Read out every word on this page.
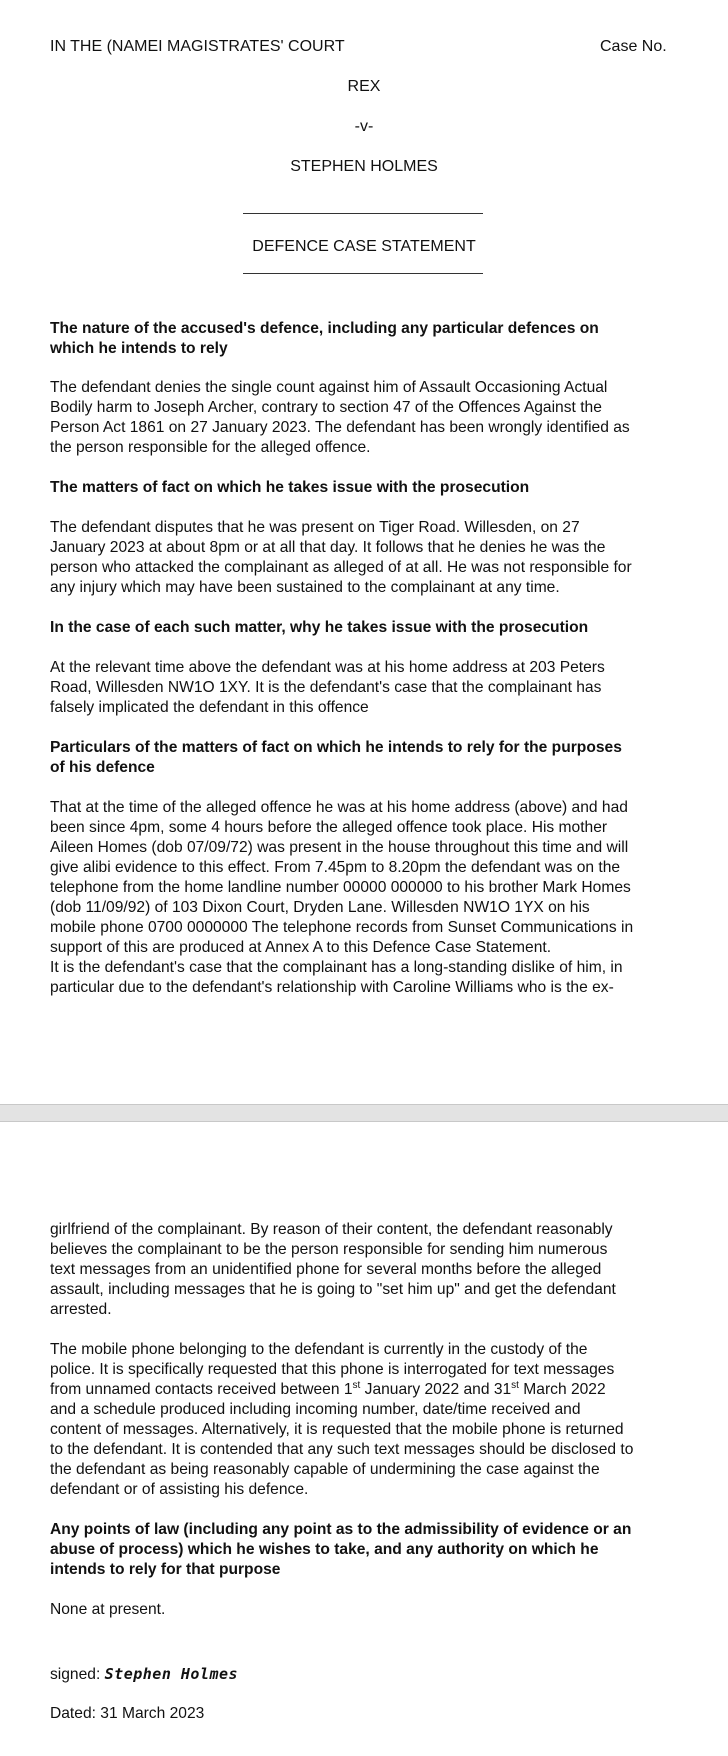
IN THE (NAMEI MAGISTRATES' COURT	Case No.
REX
-v-
STEPHEN HOLMES
DEFENCE CASE STATEMENT

The nature of the accused's defence, including any particular defences on

which he intends to rely

The defendant denies the single count against him of Assault Occasioning Actual

Bodily harm to Joseph Archer, contrary to section 47 of the Offences Against the

Person Act 1861 on 27 January 2023. The defendant has been wrongly identified as

the person responsible for the alleged offence.

The matters of fact on which he takes issue with the prosecution

The defendant disputes that he was present on Tiger Road. Willesden, on 27

January 2023 at about 8pm or at all that day. It follows that he denies he was the

person who attacked the complainant as alleged of at all. He was not responsible for

any injury which may have been sustained to the complainant at any time.

In the case of each such matter, why he takes issue with the prosecution

At the relevant time above the defendant was at his home address at 203 Peters

Road, Willesden NW1O 1XY. It is the defendant's case that the complainant has

falsely implicated the defendant in this offence

Particulars of the matters of fact on which he intends to rely for the purposes

of his defence

That at the time of the alleged offence he was at his home address (above) and had

been since 4pm, some 4 hours before the alleged offence took place. His mother

Aileen Homes (dob 07/09/72) was present in the house throughout this time and will

give alibi evidence to this effect. From 7.45pm to 8.20pm the defendant was on the

telephone from the home landline number 00000 000000 to his brother Mark Homes

(dob 11/09/92) of 103 Dixon Court, Dryden Lane. Willesden NW1O 1YX on his

mobile phone 0700 0000000 The telephone records from Sunset Communications in

support of this are produced at Annex A to this Defence Case Statement.

It is the defendant's case that the complainant has a long-standing dislike of him, in

particular due to the defendant's relationship with Caroline Williams who is the ex-

girlfriend of the complainant. By reason of their content, the defendant reasonably

believes the complainant to be the person responsible for sending him numerous

text messages from an unidentified phone for several months before the alleged

assault, including messages that he is going to "set him up" and get the defendant

arrested.

The mobile phone belonging to the defendant is currently in the custody of the

police. It is specifically requested that this phone is interrogated for text messages

from unnamed contacts received between 1st January 2022 and 31st March 2022

and a schedule produced including incoming number, date/time received and

content of messages. Alternatively, it is requested that the mobile phone is returned

to the defendant. It is contended that any such text messages should be disclosed to

the defendant as being reasonably capable of undermining the case against the

defendant or of assisting his defence.

Any points of law (including any point as to the admissibility of evidence or an

abuse of process) which he wishes to take, and any authority on which he

intends to rely for that purpose

None at present.

signed: Stephen Holmes

Dated: 31 March 2023
